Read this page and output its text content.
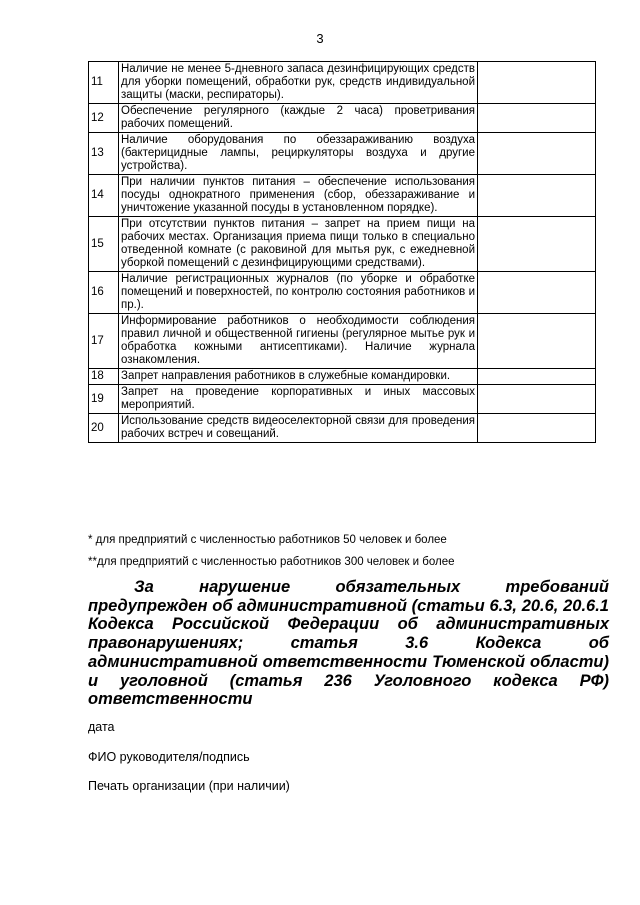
3
11	Наличие не менее 5-дневного запаса дезинфицирующих средств для уборки помещений, обработки рук, средств индивидуальной защиты (маски, респираторы).	
12	Обеспечение регулярного (каждые 2 часа) проветривания рабочих помещений.	
13	Наличие оборудования по обеззараживанию воздуха (бактерицидные лампы, рециркуляторы воздуха и другие устройства).	
14	При наличии пунктов питания – обеспечение использования посуды однократного применения (сбор, обеззараживание и уничтожение указанной посуды в установленном порядке).	
15	При отсутствии пунктов питания – запрет на прием пищи на рабочих местах. Организация приема пищи только в специально отведенной комнате (с раковиной для мытья рук, с ежедневной уборкой помещений с дезинфицирующими средствами).	
16	Наличие регистрационных журналов (по уборке и обработке помещений и поверхностей, по контролю состояния работников и пр.).	
17	Информирование работников о необходимости соблюдения правил личной и общественной гигиены (регулярное мытье рук и обработка кожными антисептиками). Наличие журнала ознакомления.	
18	Запрет направления работников в служебные командировки.	
19	Запрет на проведение корпоративных и иных массовых мероприятий.	
20	Использование средств видеоселекторной связи для проведения рабочих встреч и совещаний.	
* для предприятий с численностью работников 50 человек и более
**для предприятий с численностью работников 300 человек и более
За нарушение обязательных требований
предупрежден об административной (статьи 6.3, 20.6, 20.6.1 Кодекса Российской Федерации об административных правонарушениях; статья 3.6 Кодекса об административной ответственности Тюменской области) и уголовной (статья 236 Уголовного кодекса РФ) ответственности
дата
ФИО руководителя/подпись
Печать организации (при наличии)
